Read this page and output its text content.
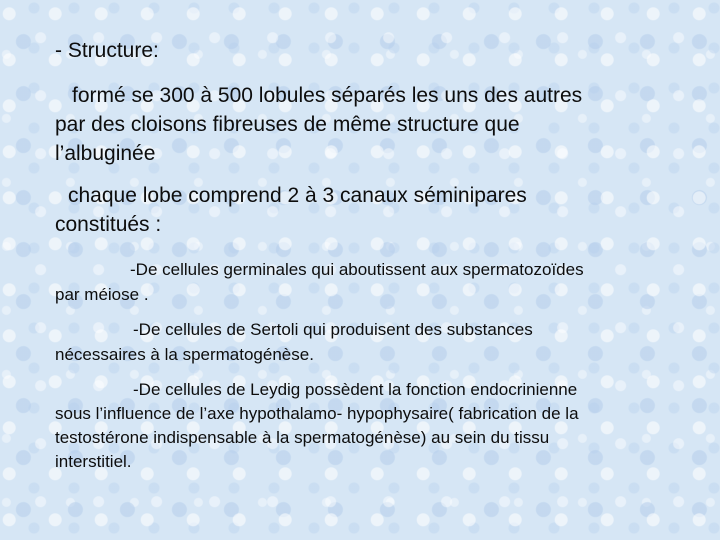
- Structure:
formé se 300 à 500 lobules séparés les uns des autres
par des cloisons fibreuses de même structure que
l’albuginée
chaque lobe comprend 2 à 3 canaux séminipares
constitués :
-De cellules germinales qui aboutissent aux spermatozoïdes
par méiose .
-De cellules de Sertoli qui produisent des substances
nécessaires à la spermatogénèse.
-De cellules de Leydig possèdent la fonction endocrinienne
sous l’influence de l’axe hypothalamo- hypophysaire( fabrication de la
testostérone indispensable à la spermatogénèse) au sein du tissu
interstitiel.
